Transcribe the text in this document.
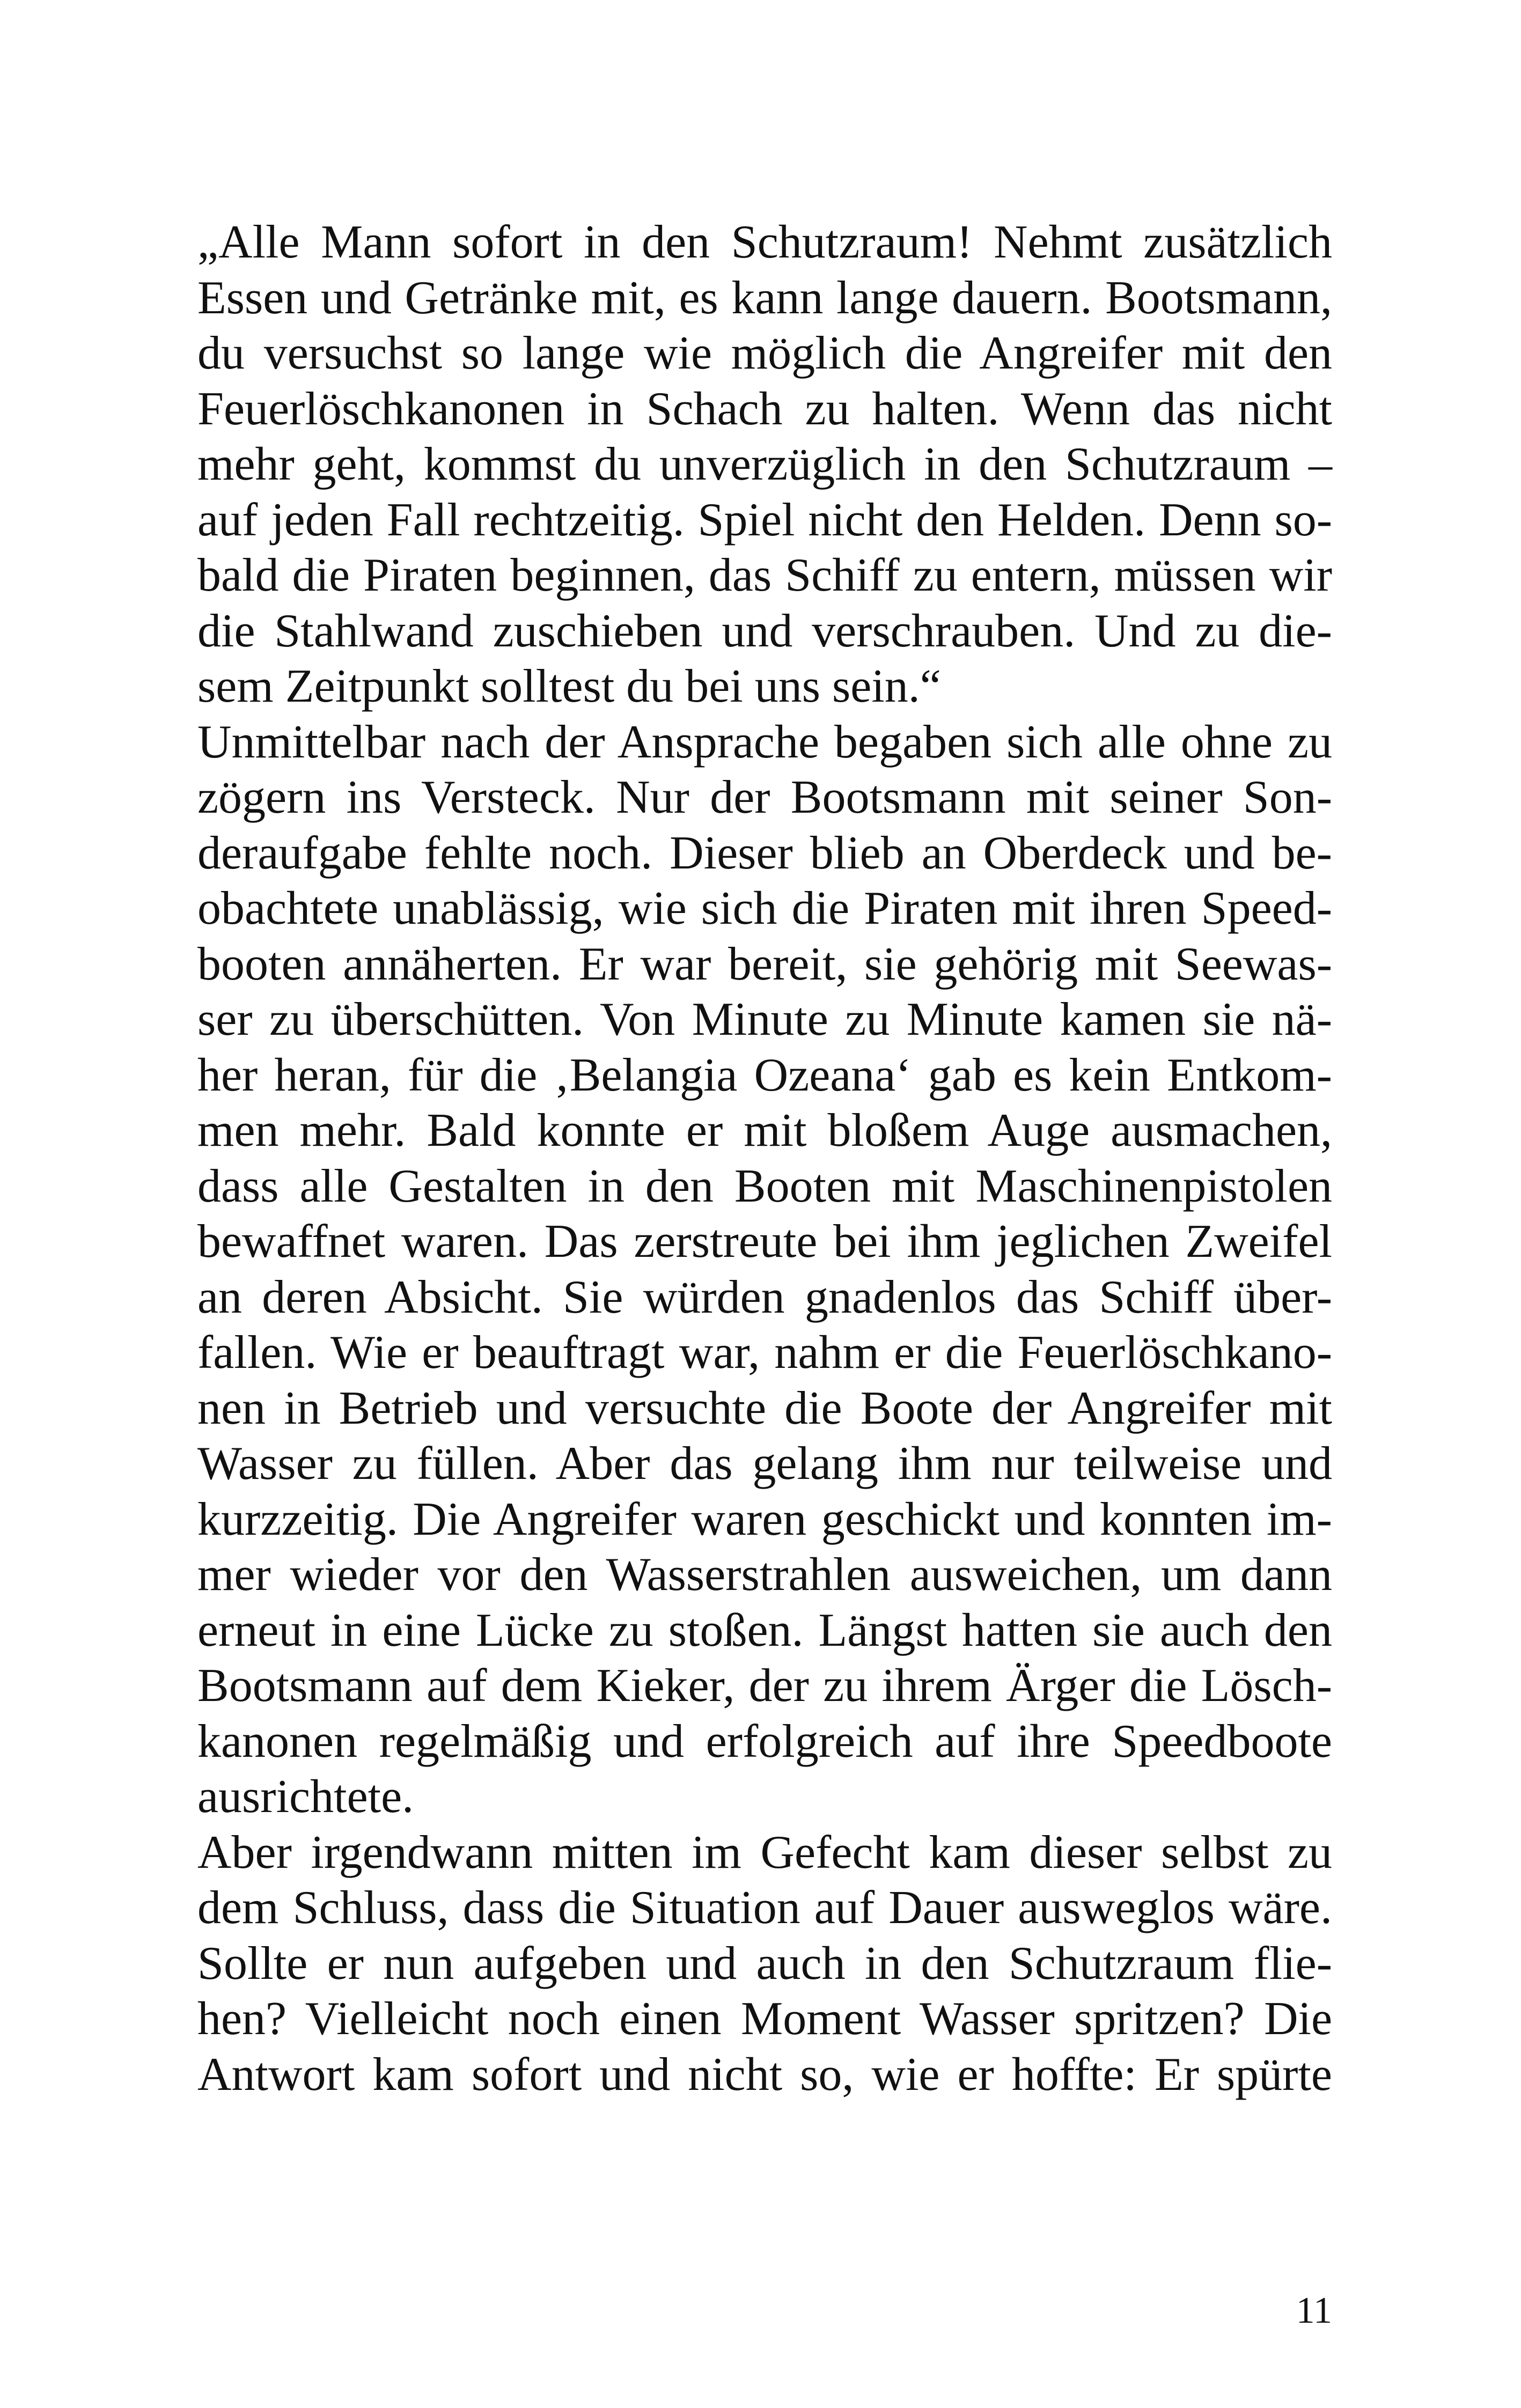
„Alle Mann sofort in den Schutzraum! Nehmt zusätzlich
Essen und Getränke mit, es kann lange dauern. Bootsmann,
du versuchst so lange wie möglich die Angreifer mit den
Feuerlöschkanonen in Schach zu halten. Wenn das nicht
mehr geht, kommst du unverzüglich in den Schutzraum –
auf jeden Fall rechtzeitig. Spiel nicht den Helden. Denn so-
bald die Piraten beginnen, das Schiff zu entern, müssen wir
die Stahlwand zuschieben und verschrauben. Und zu die-
sem Zeitpunkt solltest du bei uns sein.“
Unmittelbar nach der Ansprache begaben sich alle ohne zu
zögern ins Versteck. Nur der Bootsmann mit seiner Son-
deraufgabe fehlte noch. Dieser blieb an Oberdeck und be-
obachtete unablässig, wie sich die Piraten mit ihren Speed-
booten annäherten. Er war bereit, sie gehörig mit Seewas-
ser zu überschütten. Von Minute zu Minute kamen sie nä-
her heran, für die ‚Belangia Ozeana‘ gab es kein Entkom-
men mehr. Bald konnte er mit bloßem Auge ausmachen,
dass alle Gestalten in den Booten mit Maschinenpistolen
bewaffnet waren. Das zerstreute bei ihm jeglichen Zweifel
an deren Absicht. Sie würden gnadenlos das Schiff über-
fallen. Wie er beauftragt war, nahm er die Feuerlöschkano-
nen in Betrieb und versuchte die Boote der Angreifer mit
Wasser zu füllen. Aber das gelang ihm nur teilweise und
kurzzeitig. Die Angreifer waren geschickt und konnten im-
mer wieder vor den Wasserstrahlen ausweichen, um dann
erneut in eine Lücke zu stoßen. Längst hatten sie auch den
Bootsmann auf dem Kieker, der zu ihrem Ärger die Lösch-
kanonen regelmäßig und erfolgreich auf ihre Speedboote
ausrichtete.
Aber irgendwann mitten im Gefecht kam dieser selbst zu
dem Schluss, dass die Situation auf Dauer ausweglos wäre.
Sollte er nun aufgeben und auch in den Schutzraum flie-
hen? Vielleicht noch einen Moment Wasser spritzen? Die
Antwort kam sofort und nicht so, wie er hoffte: Er spürte
11
